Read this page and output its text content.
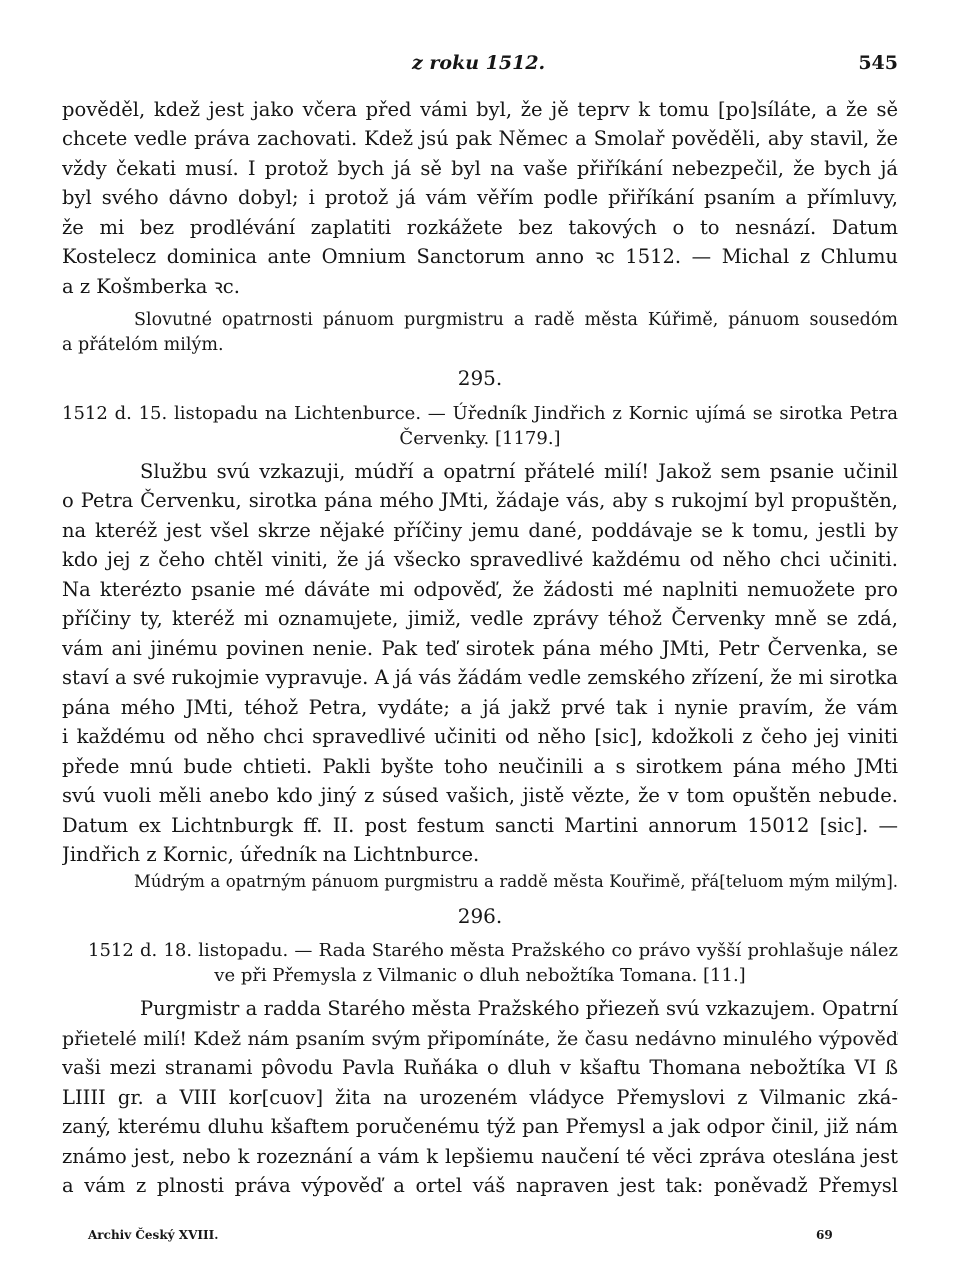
z roku 1512.	545
pověděl, kdež jest jako včera před vámi byl, že jě teprv k tomu [po]síláte, a že sě
chcete vedle práva zachovati. Kdež jsú pak Němec a Smolař pověděli, aby stavil, že
vždy čekati musí. I protož bych já sě byl na vaše přiříkání nebezpečil, že bych já
byl svého dávno dobyl; i protož já vám věřím podle přiříkání psaním a přímluvy,
že mi bez prodlévání zaplatiti rozkážete bez takových o to nesnází. Datum
Kostelecz dominica ante Omnium Sanctorum anno ꝛc 1512. — Michal z Chlumu
a z Košmberka ꝛc.
Slovutné opatrnosti pánuom purgmistru a radě města Kúřimě, pánuom sousedóm
a přátelóm milým.
295.
1512 d. 15. listopadu na Lichtenburce. — Úředník Jindřich z Kornic ujímá se sirotka Petra
Červenky. [1179.]
Službu svú vzkazuji, múdří a opatrní přátelé milí! Jakož sem psanie učinil
o Petra Červenku, sirotka pána mého JMti, žádaje vás, aby s rukojmí byl propuštěn,
na kteréž jest všel skrze nějaké příčiny jemu dané, poddávaje se k tomu, jestli by
kdo jej z čeho chtěl viniti, že já všecko spravedlivé každému od něho chci učiniti.
Na kterézto psanie mé dáváte mi odpověď, že žádosti mé naplniti nemuožete pro
příčiny ty, kteréž mi oznamujete, jimiž, vedle zprávy téhož Červenky mně se zdá,
vám ani jinému povinen nenie. Pak teď sirotek pána mého JMti, Petr Červenka, se
staví a své rukojmie vypravuje. A já vás žádám vedle zemského zřízení, že mi sirotka
pána mého JMti, téhož Petra, vydáte; a já jakž prvé tak i nynie pravím, že vám
i každému od něho chci spravedlivé učiniti od něho [sic], kdožkoli z čeho jej viniti
přede mnú bude chtieti. Pakli byšte toho neučinili a s sirotkem pána mého JMti
svú vuoli měli anebo kdo jiný z súsed vašich, jistě vězte, že v tom opuštěn nebude.
Datum ex Lichtnburgk ff. II. post festum sancti Martini annorum 15012 [sic]. —
Jindřich z Kornic, úředník na Lichtnburce.
Múdrým a opatrným pánuom purgmistru a raddě města Kouřimě, přá[teluom mým milým].
296.
1512 d. 18. listopadu. — Rada Starého města Pražského co právo vyšší prohlašuje nález
ve při Přemysla z Vilmanic o dluh nebožtíka Tomana. [11.]
Purgmistr a radda Starého města Pražského přiezeň svú vzkazujem. Opatrní
přietelé milí! Kdež nám psaním svým připomínáte, že času nedávno minulého výpověď
vaši mezi stranami pôvodu Pavla Ruňáka o dluh v kšaftu Thomana nebožtíka VI ß
LIIII gr. a VIII kor[cuov] žita na urozeném vládyce Přemyslovi z Vilmanic zká-
zaný, kterému dluhu kšaftem poručenému týž pan Přemysl a jak odpor činil, již nám
známo jest, nebo k rozeznání a vám k lepšiemu naučení té věci zpráva oteslána jest
a vám z plnosti práva výpověď a ortel váš napraven jest tak: poněvadž Přemysl
Archiv Český XVIII.	69
